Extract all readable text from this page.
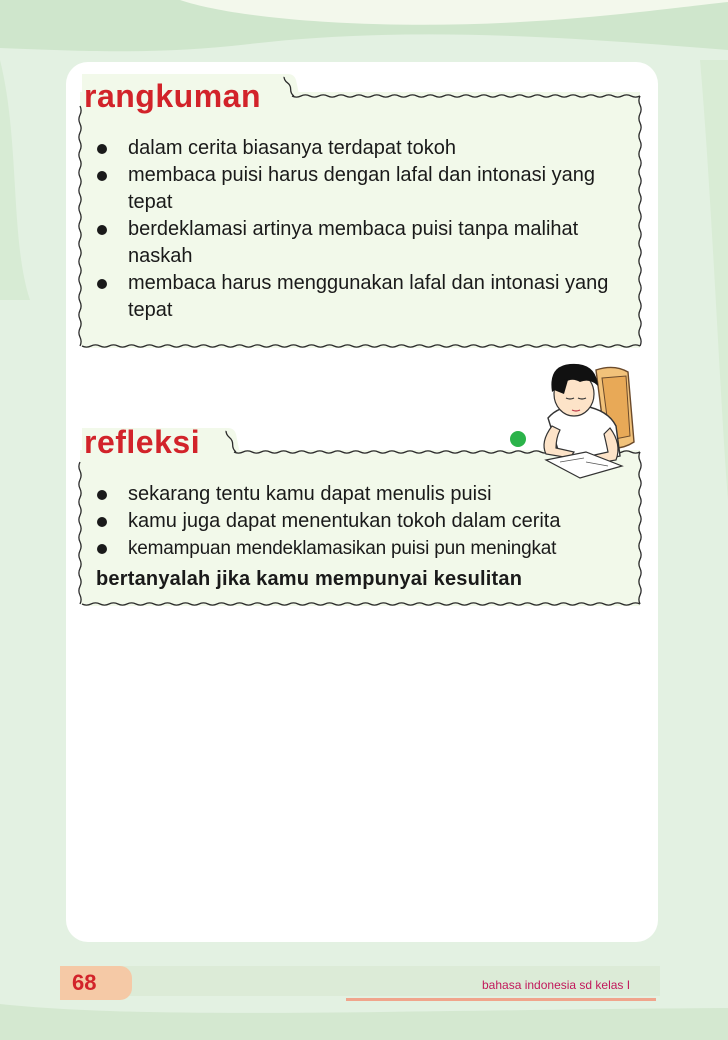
rangkuman
dalam cerita biasanya terdapat tokoh
membaca puisi harus dengan lafal dan intonasi yang tepat
berdeklamasi artinya membaca puisi tanpa malihat naskah
membaca harus menggunakan lafal dan intonasi yang tepat
refleksi
sekarang tentu kamu dapat menulis puisi
kamu juga dapat menentukan tokoh dalam cerita
kemampuan mendeklamasikan puisi pun meningkat
bertanyalah jika kamu mempunyai kesulitan
68	bahasa indonesia sd kelas I
